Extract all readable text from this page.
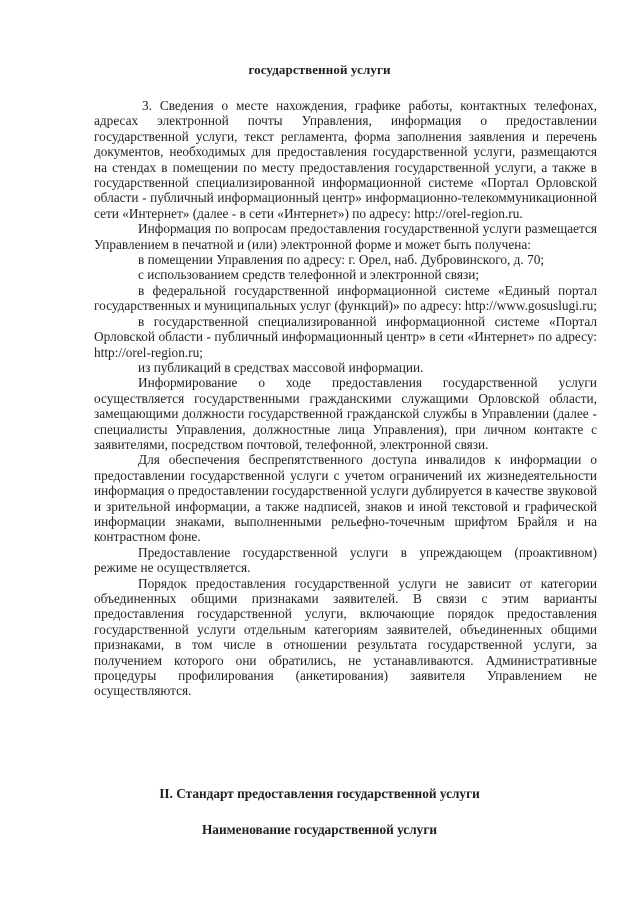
государственной услуги

3. Сведения о месте нахождения, графике работы, контактных телефонах, адресах электронной почты Управления, информация о предоставлении государственной услуги, текст регламента, форма заполнения заявления и перечень документов, необходимых для предоставления государственной услуги, размещаются на стендах в помещении по месту предоставления государственной услуги, а также в государственной специализированной информационной системе «Портал Орловской области - публичный информационный центр» информационно-телекоммуникационной сети «Интернет» (далее - в сети «Интернет») по адресу: http://orel-region.ru.

Информация по вопросам предоставления государственной услуги размещается Управлением в печатной и (или) электронной форме и может быть получена:

в помещении Управления по адресу: г. Орел, наб. Дубровинского, д. 70;

с использованием средств телефонной и электронной связи;

в федеральной государственной информационной системе «Единый портал государственных и муниципальных услуг (функций)» по адресу: http://www.gosuslugi.ru;

в государственной специализированной информационной системе «Портал Орловской области - публичный информационный центр» в сети «Интернет» по адресу: http://orel-region.ru;

из публикаций в средствах массовой информации.

Информирование о ходе предоставления государственной услуги осуществляется государственными гражданскими служащими Орловской области, замещающими должности государственной гражданской службы в Управлении (далее - специалисты Управления, должностные лица Управления), при личном контакте с заявителями, посредством почтовой, телефонной, электронной связи.

Для обеспечения беспрепятственного доступа инвалидов к информации о предоставлении государственной услуги с учетом ограничений их жизнедеятельности информация о предоставлении государственной услуги дублируется в качестве звуковой и зрительной информации, а также надписей, знаков и иной текстовой и графической информации знаками, выполненными рельефно-точечным шрифтом Брайля и на контрастном фоне.

Предоставление государственной услуги в упреждающем (проактивном) режиме не осуществляется.

Порядок предоставления государственной услуги не зависит от категории объединенных общими признаками заявителей. В связи с этим варианты предоставления государственной услуги, включающие порядок предоставления государственной услуги отдельным категориям заявителей, объединенных общими признаками, в том числе в отношении результата государственной услуги, за получением которого они обратились, не устанавливаются. Административные процедуры профилирования (анкетирования) заявителя Управлением не осуществляются.

II. Стандарт предоставления государственной услуги
Наименование государственной услуги
